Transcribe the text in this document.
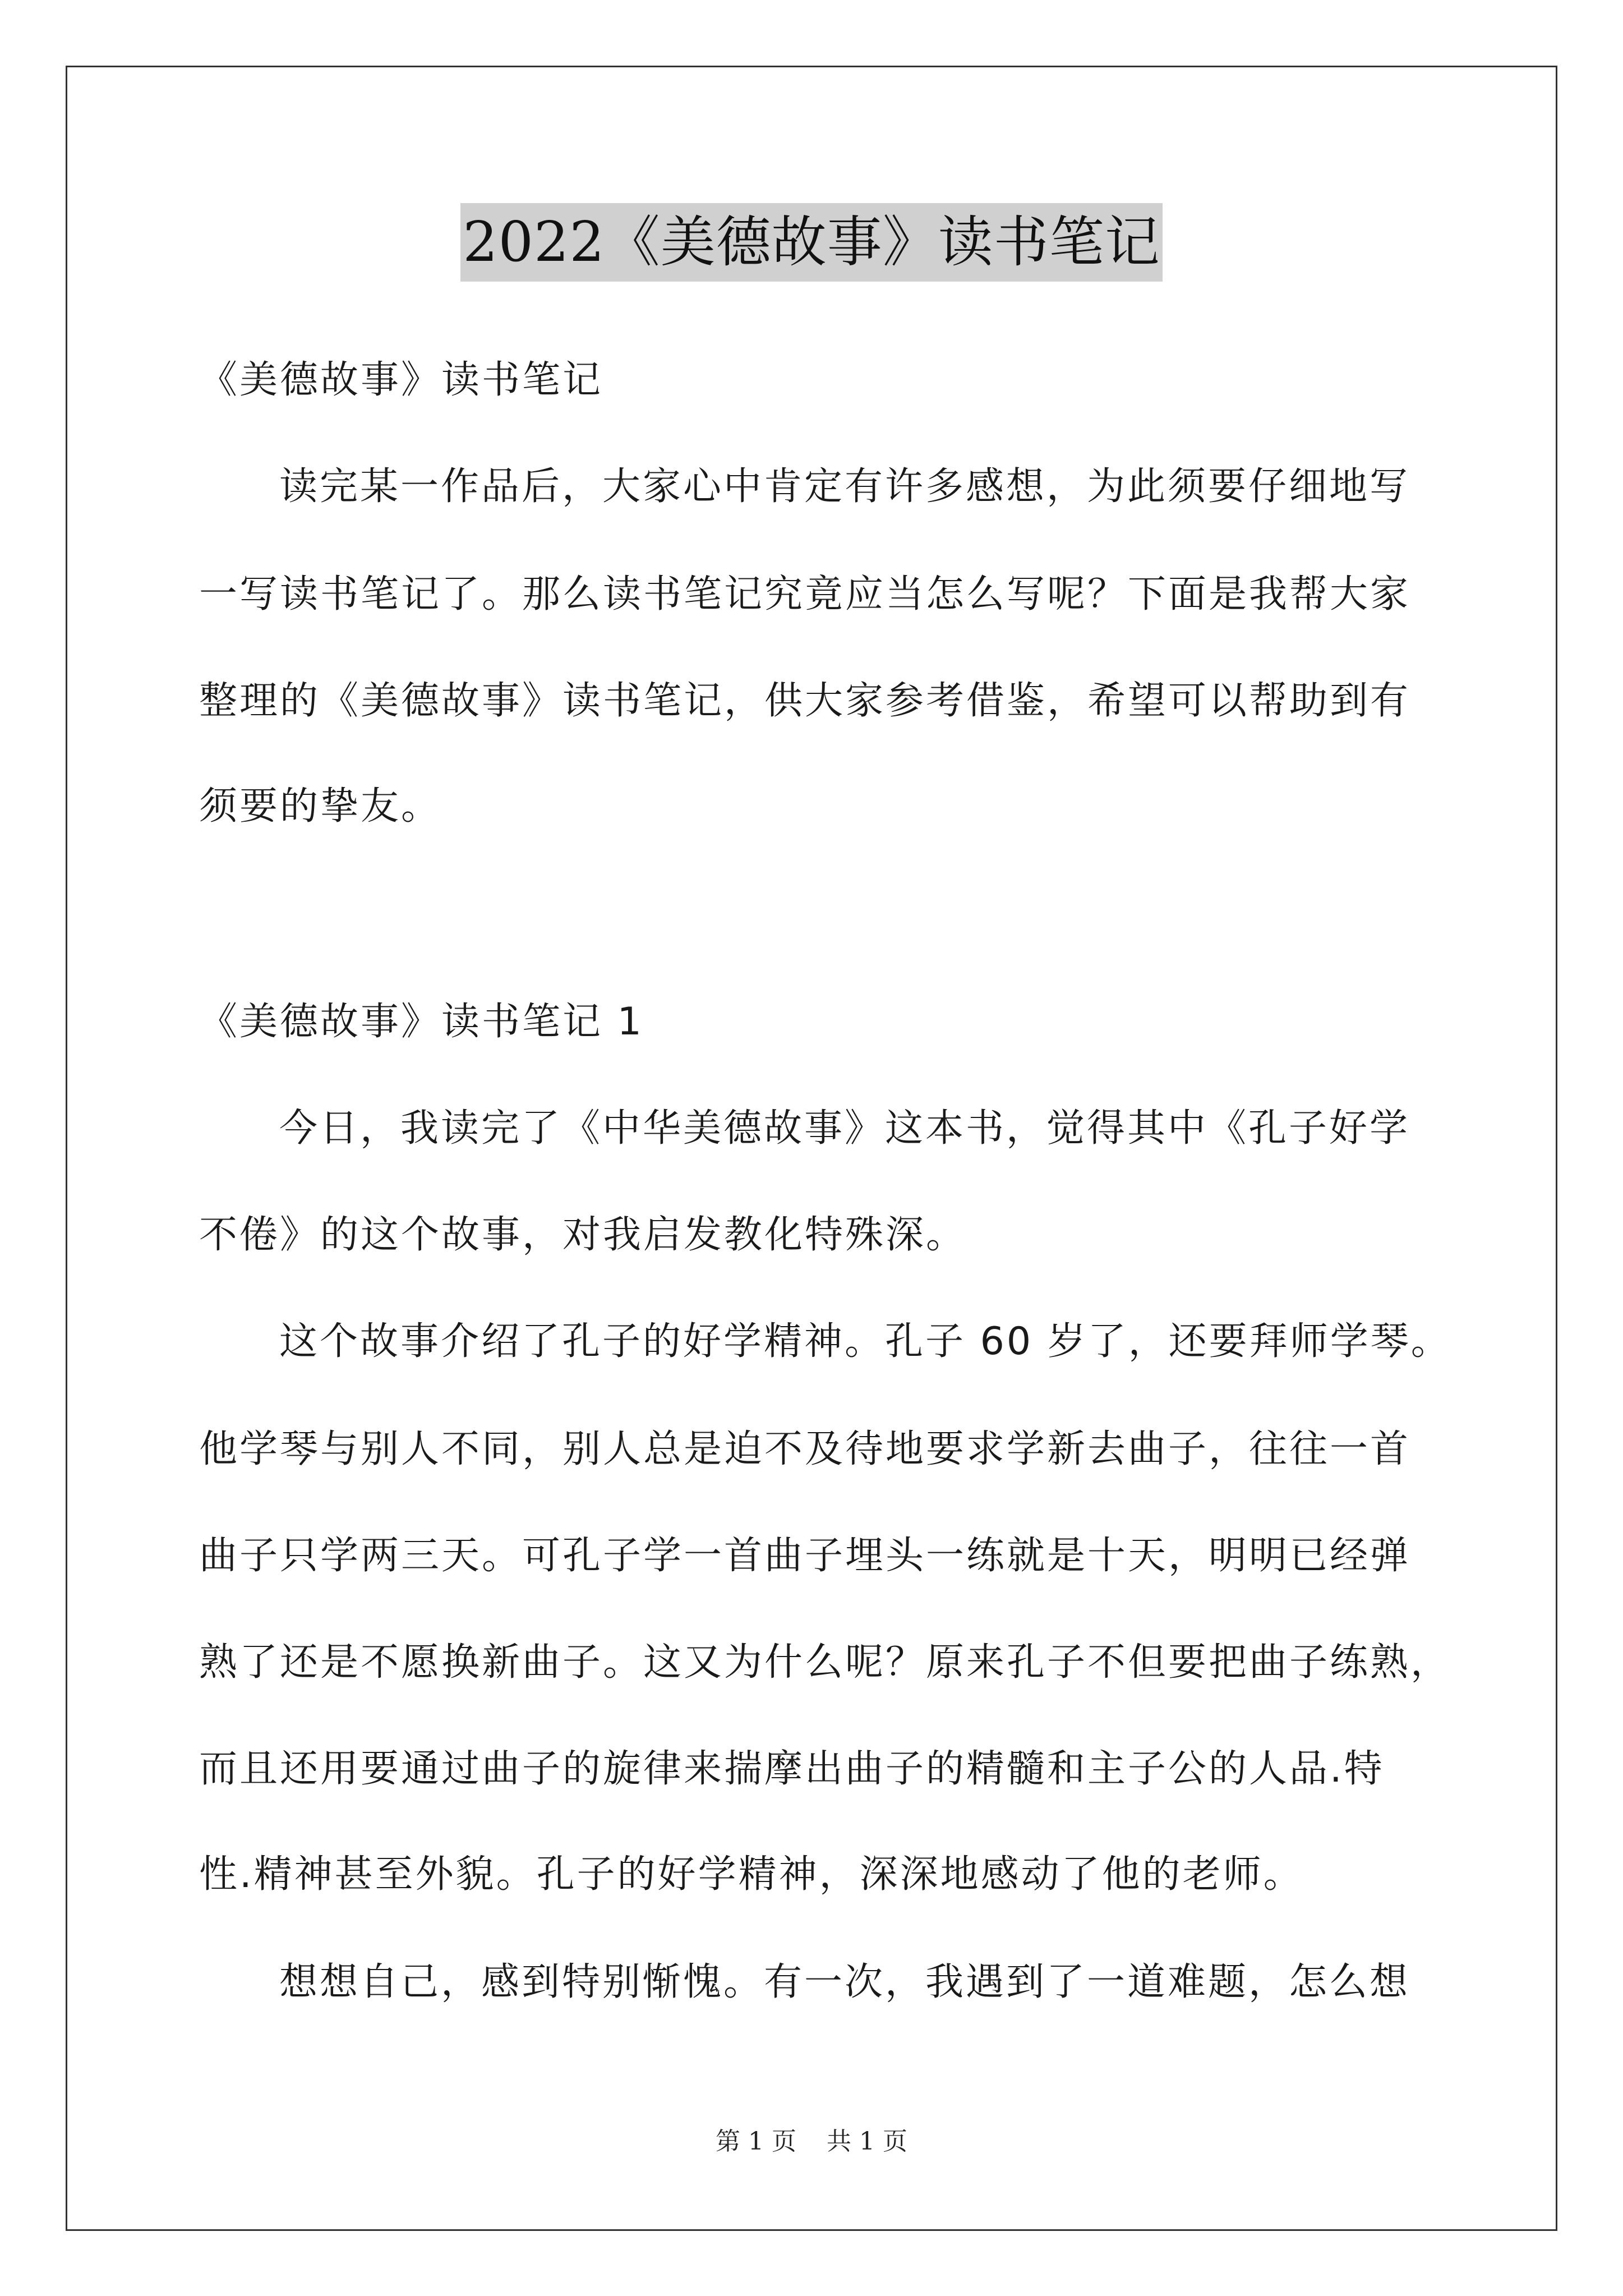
2022《美德故事》读书笔记
《美德故事》读书笔记
读完某一作品后，大家心中肯定有许多感想，为此须要仔细地写
一写读书笔记了。那么读书笔记究竟应当怎么写呢？下面是我帮大家
整理的《美德故事》读书笔记，供大家参考借鉴，希望可以帮助到有
须要的挚友。
《美德故事》读书笔记 1
今日，我读完了《中华美德故事》这本书，觉得其中《孔子好学
不倦》的这个故事，对我启发教化特殊深。
这个故事介绍了孔子的好学精神。孔子 60 岁了，还要拜师学琴。
他学琴与别人不同，别人总是迫不及待地要求学新去曲子，往往一首
曲子只学两三天。可孔子学一首曲子埋头一练就是十天，明明已经弹
熟了还是不愿换新曲子。这又为什么呢？原来孔子不但要把曲子练熟，
而且还用要通过曲子的旋律来揣摩出曲子的精髓和主子公的人品.特
性.精神甚至外貌。孔子的好学精神，深深地感动了他的老师。
想想自己，感到特别惭愧。有一次，我遇到了一道难题，怎么想
第 1 页 共 1 页
